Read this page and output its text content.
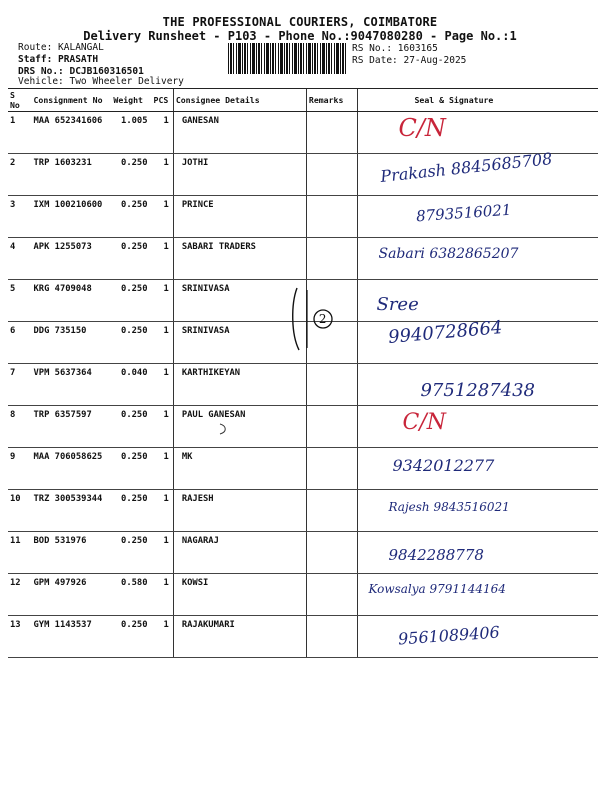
THE PROFESSIONAL COURIERS, COIMBATORE
Delivery Runsheet - P103 - Phone No.:9047080280 - Page No.:1
Route: KALANGAL
Staff: PRASATH
DRS No.: DCJB160316501
Vehicle: Two Wheeler Delivery
RS No.: 1603165
RS Date: 27-Aug-2025
S No	Consignment No	Weight	PCS	Consignee Details	Remarks	Seal & Signature
1	MAA 652341606	1.005	1	GANESAN		C/N

2	TRP 1603231	0.250	1	JOTHI		Prakash 8845685708

3	IXM 100210600	0.250	1	PRINCE		8793516021

4	APK 1255073	0.250	1	SABARI TRADERS		Sabari 6382865207

5	KRG 4709048	0.250	1	SRINIVASA		Sree

6	DDG 735150	0.250	1	SRINIVASA	2	9940728664

7	VPM 5637364	0.040	1	KARTHIKEYAN		9751287438

8	TRP 6357597	0.250	1	PAUL GANESAN		C/N

9	MAA 706058625	0.250	1	MK		9342012277

10	TRZ 300539344	0.250	1	RAJESH		Rajesh 9843516021

11	BOD 531976	0.250	1	NAGARAJ		9842288778

12	GPM 497926	0.580	1	KOWSI		Kowsalya 9791144164

13	GYM 1143537	0.250	1	RAJAKUMARI		9561089406
